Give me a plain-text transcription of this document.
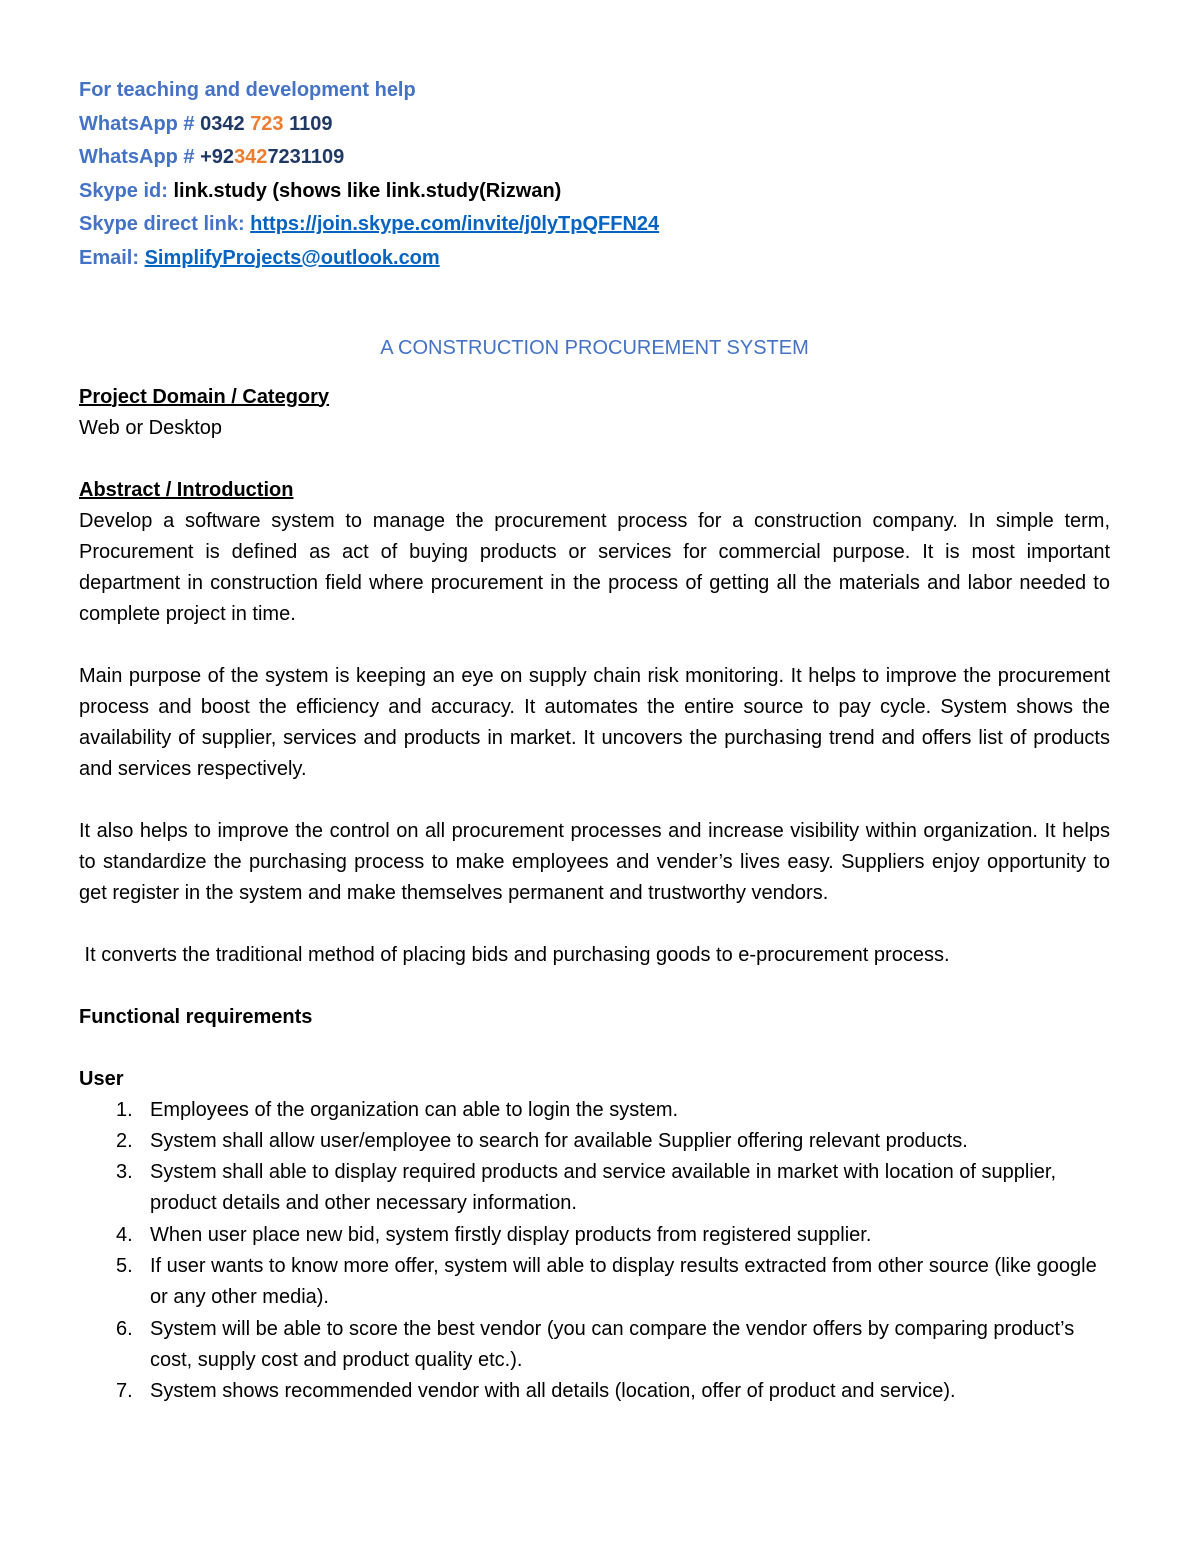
For teaching and development help
WhatsApp # 0342 723 1109
WhatsApp # +923427231109
Skype id: link.study (shows like link.study(Rizwan)
Skype direct link: https://join.skype.com/invite/j0lyTpQFFN24
Email: SimplifyProjects@outlook.com
A CONSTRUCTION PROCUREMENT SYSTEM
Project Domain / Category
Web or Desktop
Abstract / Introduction

Develop a software system to manage the procurement process for a construction company. In simple term, Procurement is defined as act of buying products or services for commercial purpose. It is most important department in construction field where procurement in the process of getting all the materials and labor needed to complete project in time.

Main purpose of the system is keeping an eye on supply chain risk monitoring. It helps to improve the procurement process and boost the efficiency and accuracy. It automates the entire source to pay cycle. System shows the availability of supplier, services and products in market. It uncovers the purchasing trend and offers list of products and services respectively.

It also helps to improve the control on all procurement processes and increase visibility within organization. It helps to standardize the purchasing process to make employees and vender’s lives easy. Suppliers enjoy opportunity to get register in the system and make themselves permanent and trustworthy vendors.

It converts the traditional method of placing bids and purchasing goods to e-procurement process.

Functional requirements
User
1. Employees of the organization can able to login the system.
2. System shall allow user/employee to search for available Supplier offering relevant products.
3. System shall able to display required products and service available in market with location of supplier, product details and other necessary information.
4. When user place new bid, system firstly display products from registered supplier.
5. If user wants to know more offer, system will able to display results extracted from other source (like google or any other media).
6. System will be able to score the best vendor (you can compare the vendor offers by comparing product’s cost, supply cost and product quality etc.).
7. System shows recommended vendor with all details (location, offer of product and service).
